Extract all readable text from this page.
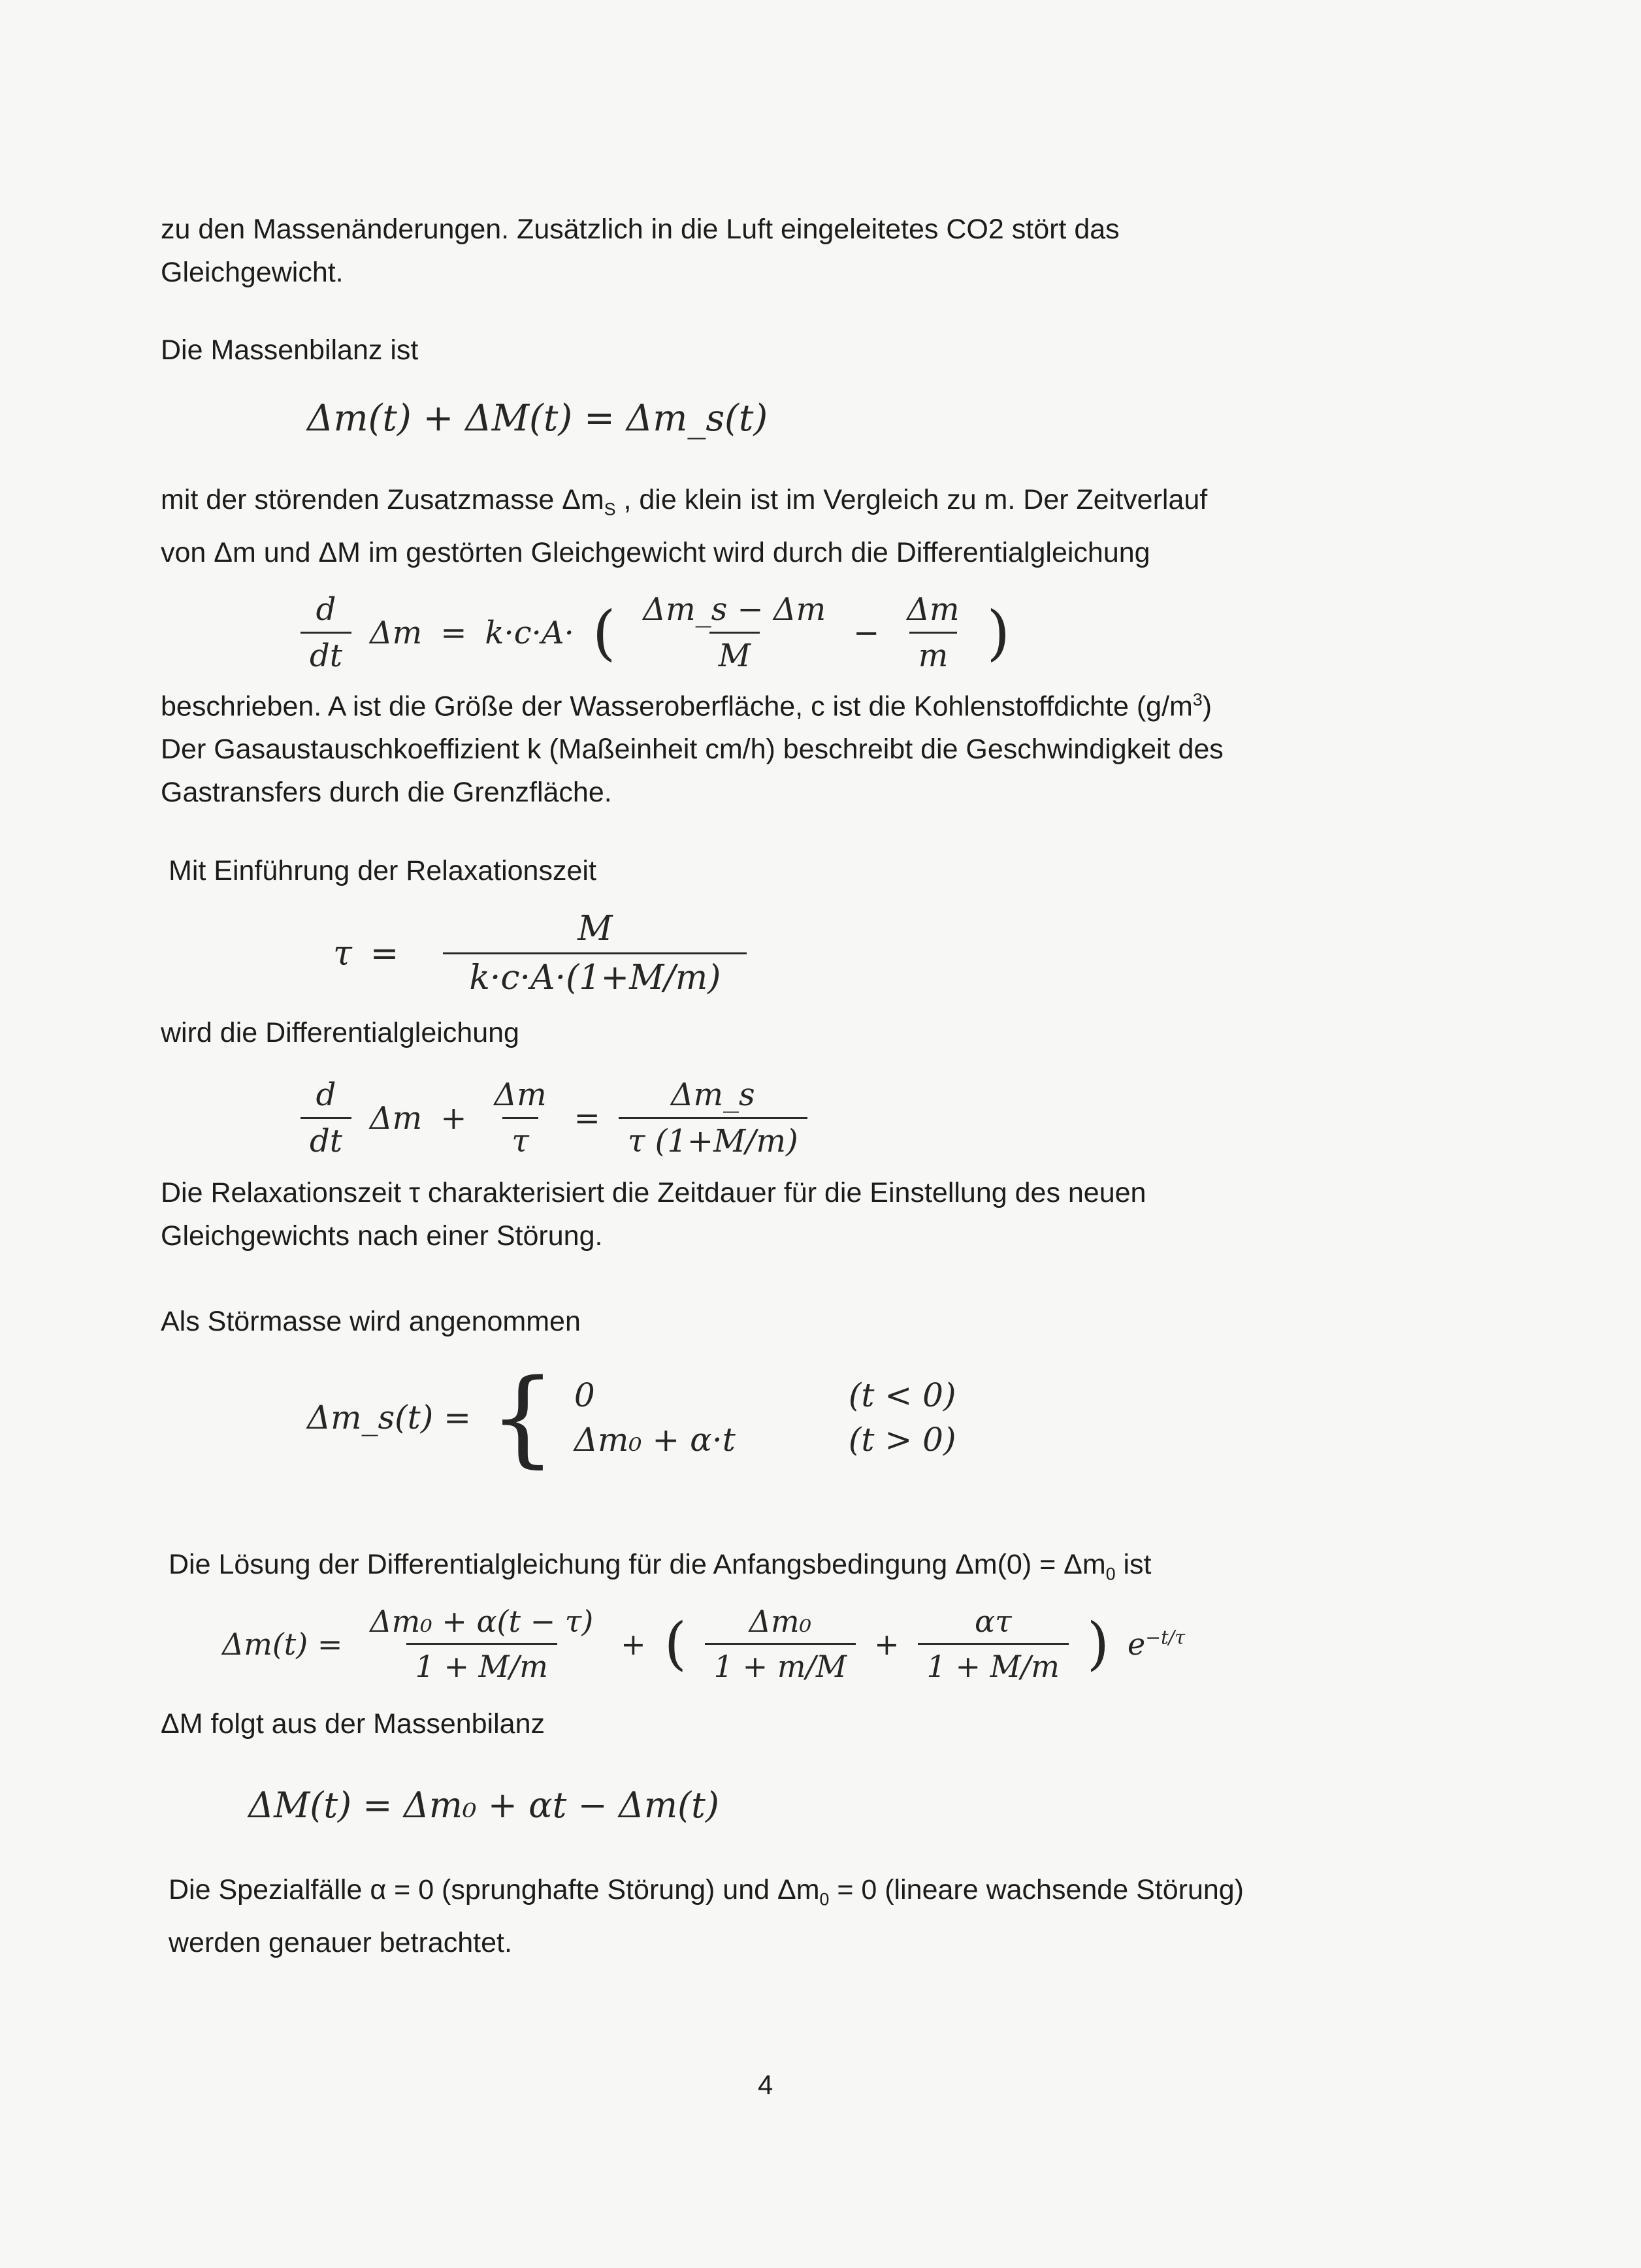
zu den Massenänderungen. Zusätzlich in die Luft eingeleitetes CO2 stört das
Gleichgewicht.
Die Massenbilanz ist
Δm(t) + ΔM(t) = Δm_s(t)
mit der störenden Zusatzmasse $\Delta m_S$ , die klein ist im Vergleich zu m. Der Zeitverlauf
von Δm und ΔM im gestörten Gleichgewicht wird durch die Differentialgleichung
$\frac{d}{dt}$ Δm = k·c·A· ( $\frac{\Delta m\_s - \Delta m}{M} - \frac{\Delta m}{m}$ )
beschrieben. A ist die Größe der Wasseroberfläche, c ist die Kohlenstoffdichte $(g/m^3)$
Der Gasaustauschkoeffizient k (Maßeinheit cm/h) beschreibt die Geschwindigkeit des
Gastransfers durch die Grenzfläche.
Mit Einführung der Relaxationszeit
$\tau = \frac{M}{k\cdot c\cdot A\cdot(1+M/m)}$
wird die Differentialgleichung
$\frac{d}{dt}$ $\Delta m + \frac{\Delta m}{\tau} = \frac{\Delta m\_s}{\tau (1+M/m)}$
Die Relaxationszeit τ charakterisiert die Zeitdauer für die Einstellung des neuen
Gleichgewichts nach einer Störung.
Als Störmasse wird angenommen
Δm_s(t) = { 0	(t < 0)
Δm₀ + α·t	(t > 0)
Die Lösung der Differentialgleichung für die Anfangsbedingung $\Delta m(0) = \Delta m_0$ ist
$\Delta m(t) = \frac{\text{Δm₀ + α(t − τ)}}{1 + M/m}$ + ( $\frac{\text{Δm₀}}{1 + m/M} + \frac{\alpha\tau}{1 + M/m}$ ) $e^{-t/\tau}$
ΔM folgt aus der Massenbilanz
ΔM(t) = Δm₀ + αt − Δm(t)
Die Spezialfälle α = 0 (sprunghafte Störung) und $\Delta m_0 = 0$ (lineare wachsende Störung)
werden genauer betrachtet.
4
